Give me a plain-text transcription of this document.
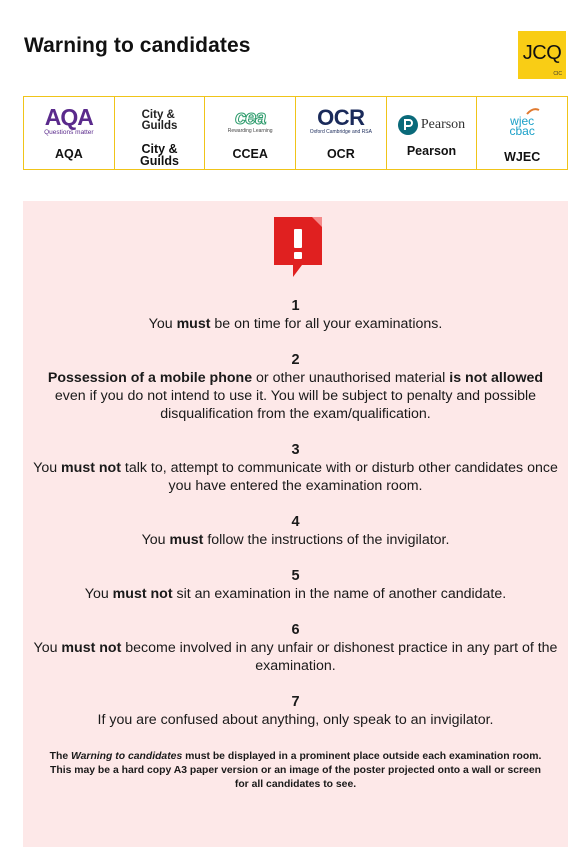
Warning to candidates	JCQ
CIC
AQA
Questions matter
AQA
City &
Guilds
City & Guilds
cea
Rewarding Learning
CCEA
OCR
Oxford Cambridge and RSA
OCR
Pearson
Pearson
wjec
cbac
WJEC
1
You must be on time for all your examinations.
2
Possession of a mobile phone or other unauthorised material is not allowed even if you do not intend to use it. You will be subject to penalty and possible disqualification from the exam/qualification.
3
You must not talk to, attempt to communicate with or disturb other candidates once you have entered the examination room.
4
You must follow the instructions of the invigilator.
5
You must not sit an examination in the name of another candidate.
6
You must not become involved in any unfair or dishonest practice in any part of the examination.
7
If you are confused about anything, only speak to an invigilator.
The Warning to candidates must be displayed in a prominent place outside each examination room. This may be a hard copy A3 paper version or an image of the poster projected onto a wall or screen for all candidates to see.
